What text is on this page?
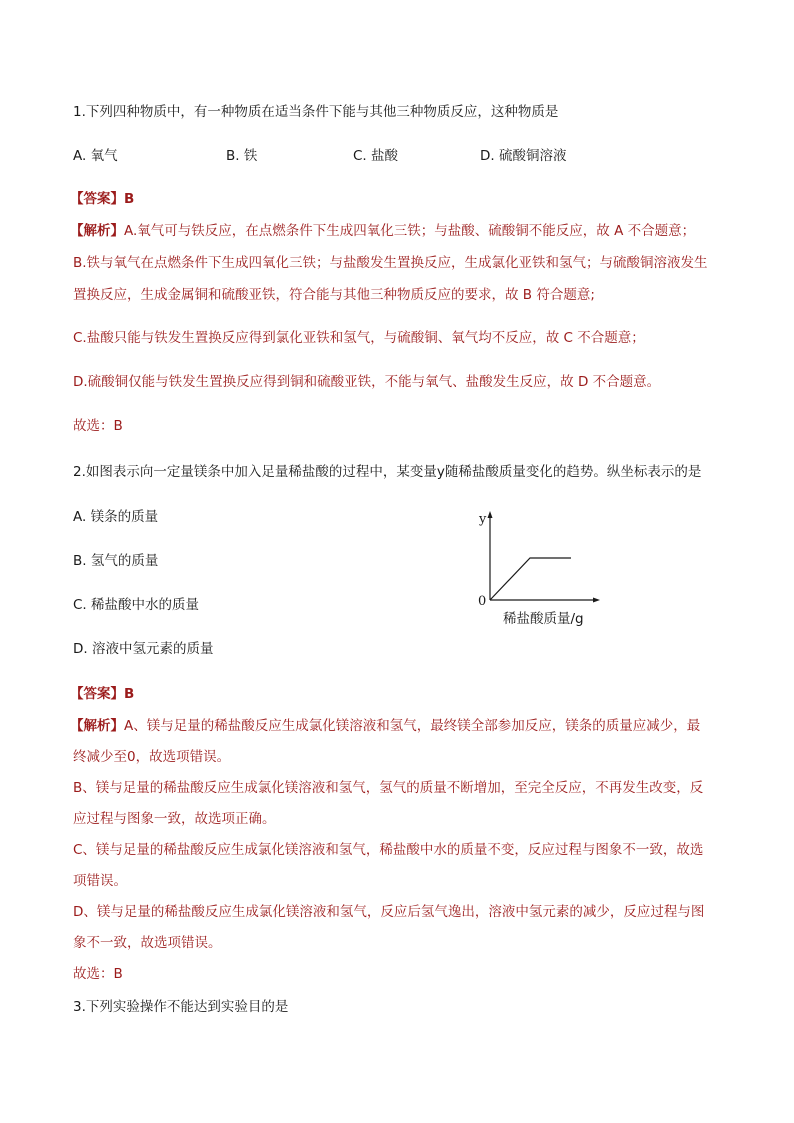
1.下列四种物质中，有一种物质在适当条件下能与其他三种物质反应，这种物质是
A. 氧气	B. 铁	C. 盐酸	D. 硫酸铜溶液
【答案】B
【解析】A.氧气可与铁反应，在点燃条件下生成四氧化三铁；与盐酸、硫酸铜不能反应，故 A 不合题意；
B.铁与氧气在点燃条件下生成四氧化三铁；与盐酸发生置换反应，生成氯化亚铁和氢气；与硫酸铜溶液发生
置换反应，生成金属铜和硫酸亚铁，符合能与其他三种物质反应的要求，故 B 符合题意;
C.盐酸只能与铁发生置换反应得到氯化亚铁和氢气，与硫酸铜、氧气均不反应，故 C 不合题意；
D.硫酸铜仅能与铁发生置换反应得到铜和硫酸亚铁，不能与氧气、盐酸发生反应，故 D 不合题意。
故选：B
2.如图表示向一定量镁条中加入足量稀盐酸的过程中，某变量y随稀盐酸质量变化的趋势。纵坐标表示的是
A. 镁条的质量
B. 氢气的质量
C. 稀盐酸中水的质量
D. 溶液中氢元素的质量
y
0
稀盐酸质量/g
【答案】B
【解析】A、镁与足量的稀盐酸反应生成氯化镁溶液和氢气，最终镁全部参加反应，镁条的质量应减少，最
终减少至0，故选项错误。
B、镁与足量的稀盐酸反应生成氯化镁溶液和氢气，氢气的质量不断增加，至完全反应，不再发生改变，反
应过程与图象一致，故选项正确。
C、镁与足量的稀盐酸反应生成氯化镁溶液和氢气，稀盐酸中水的质量不变，反应过程与图象不一致，故选
项错误。
D、镁与足量的稀盐酸反应生成氯化镁溶液和氢气，反应后氢气逸出，溶液中氢元素的减少，反应过程与图
象不一致，故选项错误。
故选：B
3.下列实验操作不能达到实验目的是
